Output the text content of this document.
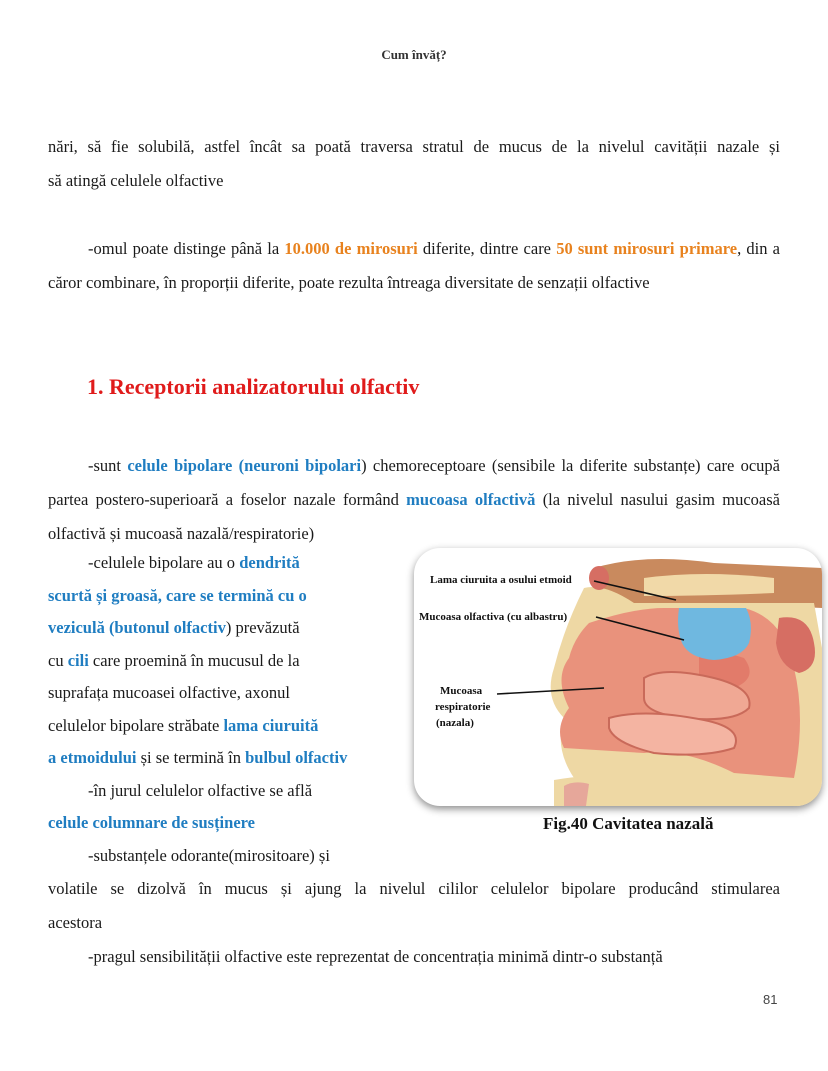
Cum învăț?
nări, să fie solubilă, astfel încât sa poată traversa stratul de mucus de la nivelul cavității nazale și
să atingă celulele olfactive
-omul poate distinge până la 10.000 de mirosuri diferite, dintre care 50 sunt mirosuri primare, din a căror combinare, în proporții diferite, poate rezulta întreaga diversitate de senzații olfactive
1. Receptorii analizatorului olfactiv
-sunt celule bipolare (neuroni bipolari) chemoreceptoare (sensibile la diferite substanțe) care ocupă partea postero-superioară a foselor nazale formând mucoasa olfactivă (la nivelul nasului gasim mucoasă olfactivă și mucoasă nazală/respiratorie)
-celulele bipolare au o dendrită
scurtă și groasă, care se termină cu o
veziculă (butonul olfactiv) prevăzută
cu cili care proemină în mucusul de la
suprafața mucoasei olfactive, axonul
celulelor bipolare străbate lama ciuruită
a etmoidului și se termină în bulbul olfactiv
-în jurul celulelor olfactive se află
celule columnare de susținere
-substanțele odorante(mirositoare) și
Lama ciuruita a osului etmoid
Mucoasa olfactiva (cu albastru)
Mucoasa
respiratorie
(nazala)
Fig.40 Cavitatea nazală
volatile se dizolvă în mucus și ajung la nivelul cililor celulelor bipolare producând stimularea
acestora
-pragul sensibilității olfactive este reprezentat de concentrația minimă dintr-o substanță
81
